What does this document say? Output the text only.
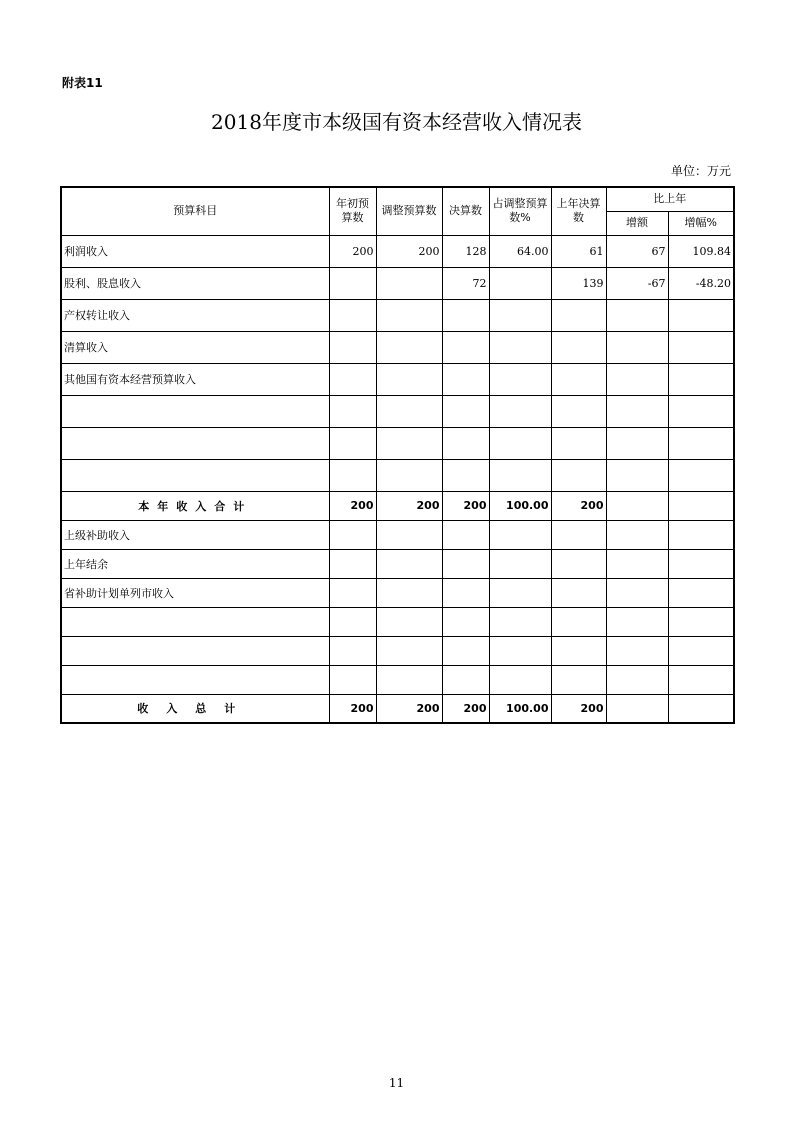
附表11
2018年度市本级国有资本经营收入情况表
单位：万元
预算科目	年初预算数	调整预算数	决算数	占调整预算数%	上年决算数	比上年	
						增额	增幅%
利润收入	200	200	128	64.00	61	67	109.84
股利、股息收入			72		139	-67	-48.20
产权转让收入							
清算收入							
其他国有资本经营预算收入							

本年收入合计	200	200	200	100.00	200		
上级补助收入							
上年结余							
省补助计划单列市收入							

收入总计	200	200	200	100.00	200		
11
